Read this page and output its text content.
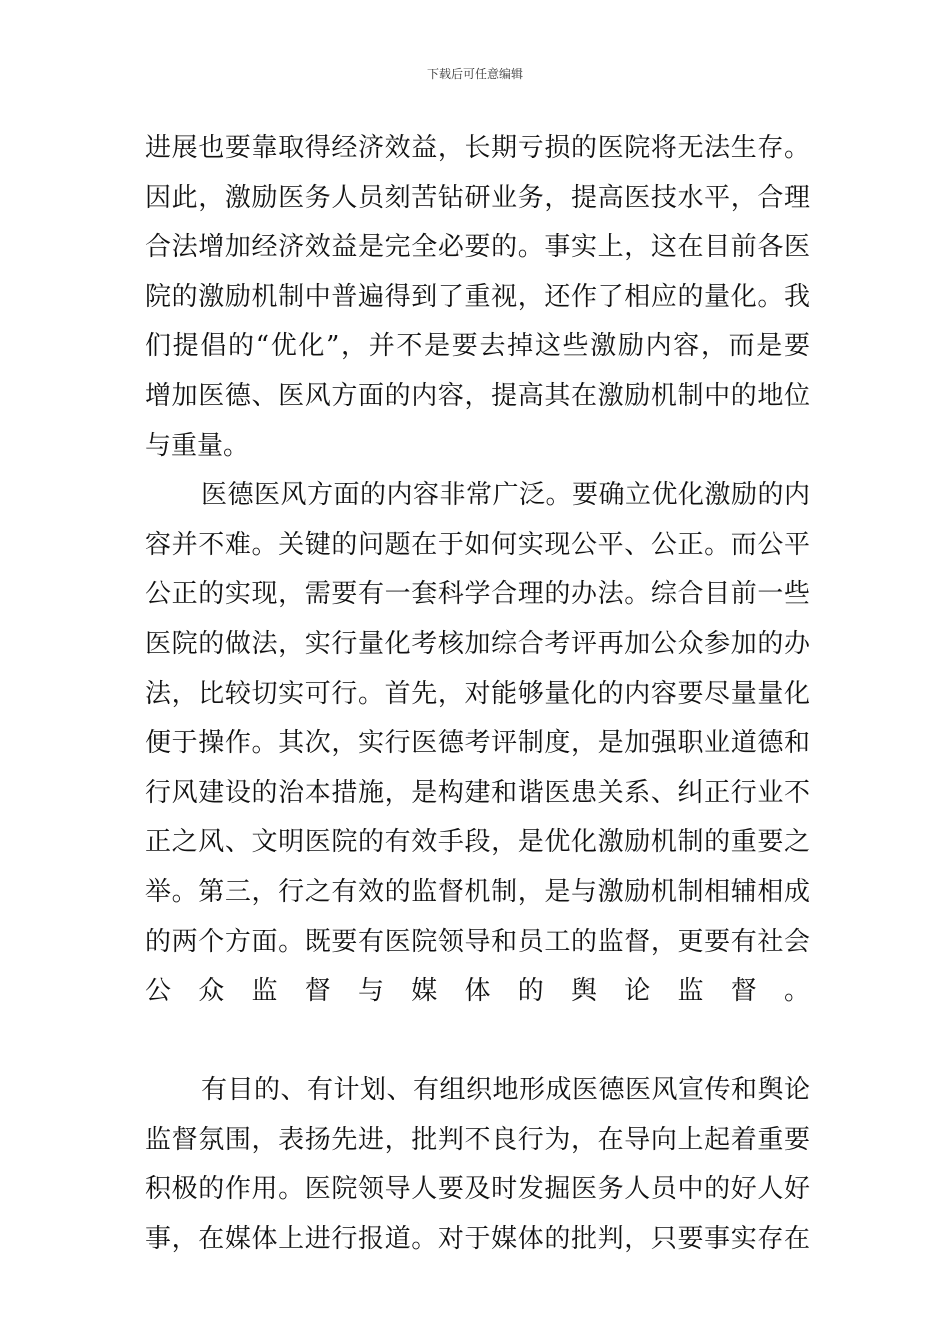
下载后可任意编辑
进展也要靠取得经济效益，长期亏损的医院将无法生存。
因此，激励医务人员刻苦钻研业务，提高医技水平，合理
合法增加经济效益是完全必要的。事实上，这在目前各医
院的激励机制中普遍得到了重视，还作了相应的量化。我
们提倡的“优化”，并不是要去掉这些激励内容，而是要
增加医德、医风方面的内容，提高其在激励机制中的地位
与重量。
医德医风方面的内容非常广泛。要确立优化激励的内
容并不难。关键的问题在于如何实现公平、公正。而公平
公正的实现，需要有一套科学合理的办法。综合目前一些
医院的做法，实行量化考核加综合考评再加公众参加的办
法，比较切实可行。首先，对能够量化的内容要尽量量化
便于操作。其次，实行医德考评制度，是加强职业道德和
行风建设的治本措施，是构建和谐医患关系、纠正行业不
正之风、文明医院的有效手段，是优化激励机制的重要之
举。第三，行之有效的监督机制，是与激励机制相辅相成
的两个方面。既要有医院领导和员工的监督，更要有社会
公众监督与媒体的舆论监督。
有目的、有计划、有组织地形成医德医风宣传和舆论
监督氛围，表扬先进，批判不良行为，在导向上起着重要
积极的作用。医院领导人要及时发掘医务人员中的好人好
事，在媒体上进行报道。对于媒体的批判，只要事实存在
